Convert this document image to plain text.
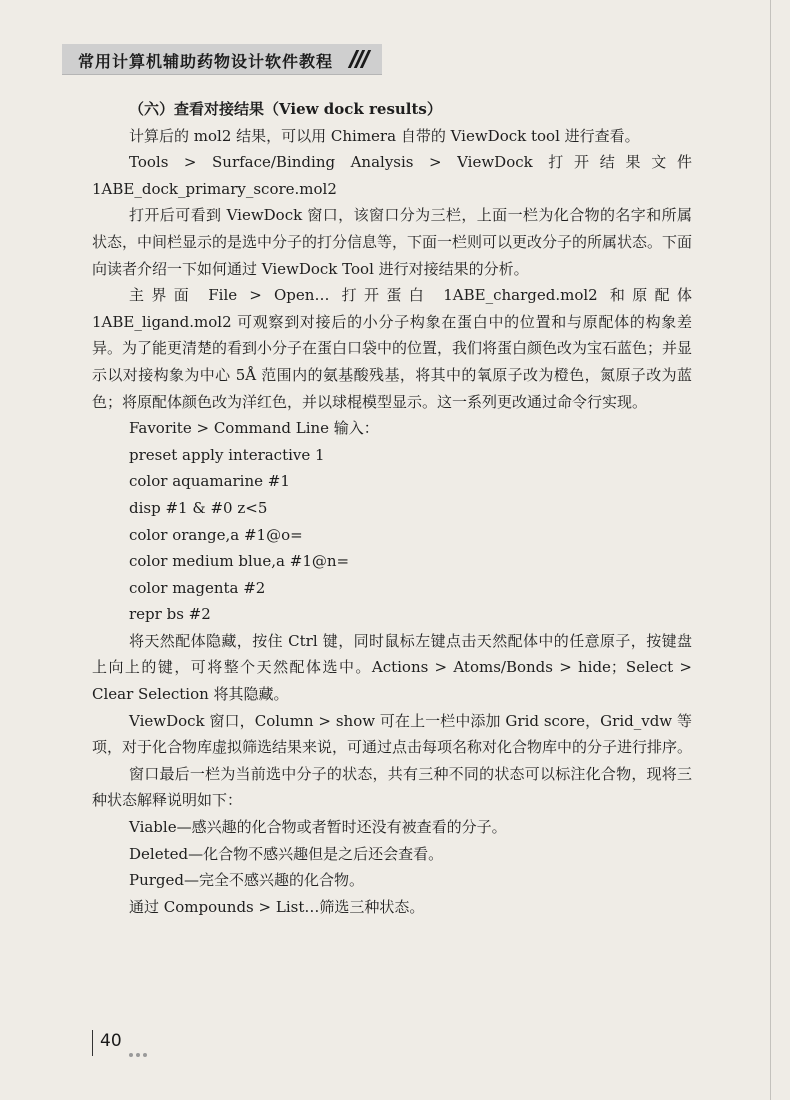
常用计算机辅助药物设计软件教程

（六）查看对接结果（View dock results）

计算后的 mol2 结果，可以用 Chimera 自带的 ViewDock tool 进行查看。

Tools > Surface/Binding Analysis > ViewDock 打开结果文件 1ABE_dock_primary_score.mol2

打开后可看到 ViewDock 窗口，该窗口分为三栏，上面一栏为化合物的名字和所属状态，中间栏显示的是选中分子的打分信息等，下面一栏则可以更改分子的所属状态。下面向读者介绍一下如何通过 ViewDock Tool 进行对接结果的分析。

主界面 File > Open… 打开蛋白 1ABE_charged.mol2 和原配体 1ABE_ligand.mol2 可观察到对接后的小分子构象在蛋白中的位置和与原配体的构象差异。为了能更清楚的看到小分子在蛋白口袋中的位置，我们将蛋白颜色改为宝石蓝色；并显示以对接构象为中心 5Å 范围内的氨基酸残基，将其中的氧原子改为橙色，氮原子改为蓝色；将原配体颜色改为洋红色，并以球棍模型显示。这一系列更改通过命令行实现。

Favorite > Command Line 输入：

preset apply interactive 1

color aquamarine #1

disp #1 & #0 z<5

color orange,a #1@o=

color medium blue,a #1@n=

color magenta #2

repr bs #2

将天然配体隐藏，按住 Ctrl 键，同时鼠标左键点击天然配体中的任意原子，按键盘上向上的键，可将整个天然配体选中。Actions > Atoms/Bonds > hide；Select > Clear Selection 将其隐藏。

ViewDock 窗口，Column > show 可在上一栏中添加 Grid score，Grid_vdw 等项，对于化合物库虚拟筛选结果来说，可通过点击每项名称对化合物库中的分子进行排序。

窗口最后一栏为当前选中分子的状态，共有三种不同的状态可以标注化合物，现将三种状态解释说明如下：

Viable—感兴趣的化合物或者暂时还没有被查看的分子。

Deleted—化合物不感兴趣但是之后还会查看。

Purged—完全不感兴趣的化合物。

通过 Compounds > List…筛选三种状态。

40
